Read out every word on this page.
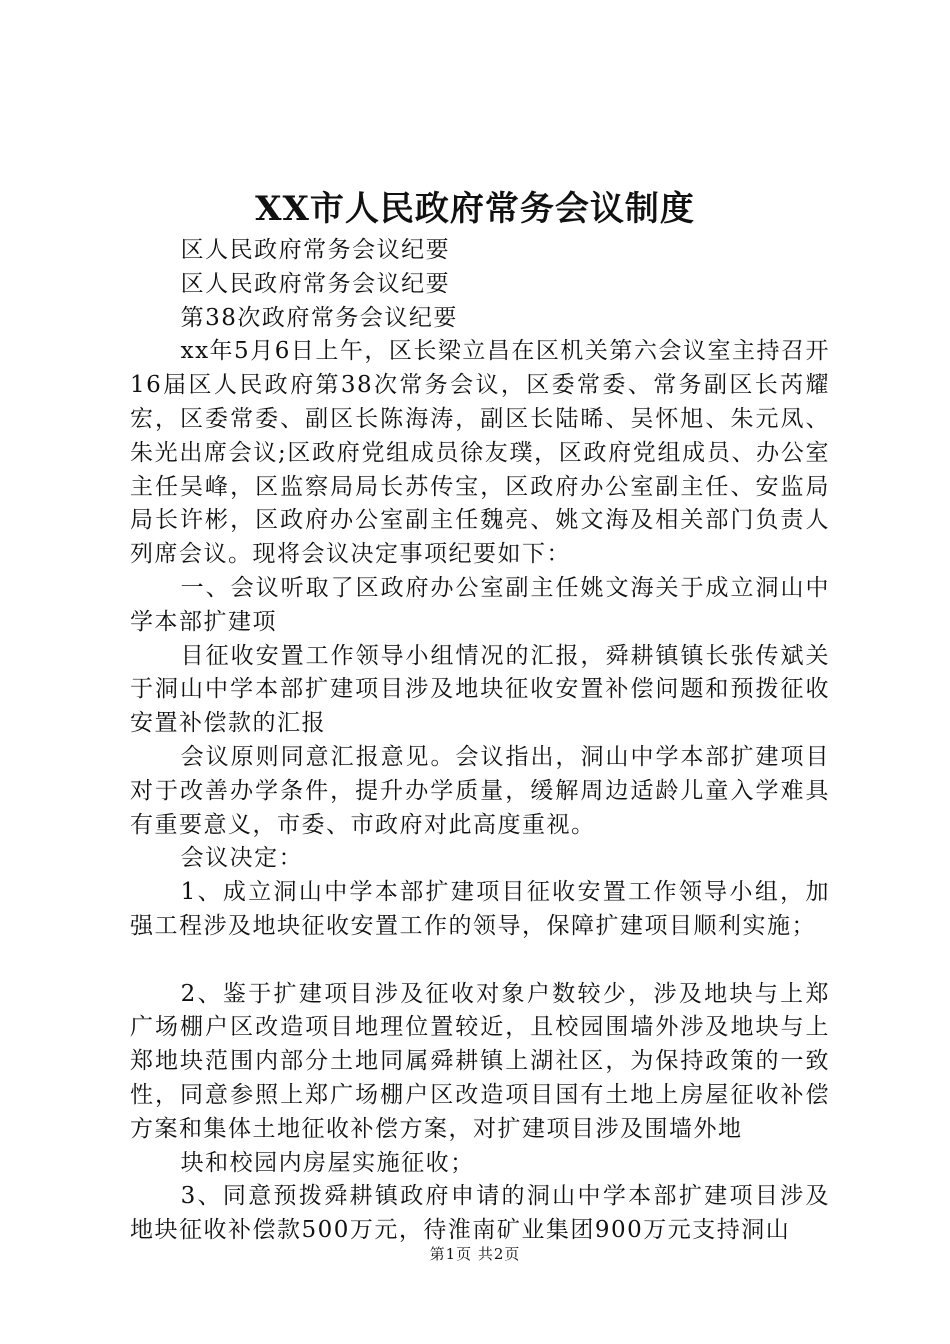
XX市人民政府常务会议制度

区人民政府常务会议纪要

区人民政府常务会议纪要

第38次政府常务会议纪要

xx年5月6日上午，区长梁立昌在区机关第六会议室主持召开16届区人民政府第38次常务会议，区委常委、常务副区长芮耀宏，区委常委、副区长陈海涛，副区长陆晞、吴怀旭、朱元凤、朱光出席会议;区政府党组成员徐友璞，区政府党组成员、办公室主任吴峰，区监察局局长苏传宝，区政府办公室副主任、安监局局长许彬，区政府办公室副主任魏亮、姚文海及相关部门负责人列席会议。现将会议决定事项纪要如下：

一、会议听取了区政府办公室副主任姚文海关于成立洞山中学本部扩建项

目征收安置工作领导小组情况的汇报，舜耕镇镇长张传斌关于洞山中学本部扩建项目涉及地块征收安置补偿问题和预拨征收安置补偿款的汇报

会议原则同意汇报意见。会议指出，洞山中学本部扩建项目对于改善办学条件，提升办学质量，缓解周边适龄儿童入学难具有重要意义，市委、市政府对此高度重视。

会议决定：

1、成立洞山中学本部扩建项目征收安置工作领导小组，加强工程涉及地块征收安置工作的领导，保障扩建项目顺利实施；

2、鉴于扩建项目涉及征收对象户数较少，涉及地块与上郑广场棚户区改造项目地理位置较近，且校园围墙外涉及地块与上郑地块范围内部分土地同属舜耕镇上湖社区，为保持政策的一致性，同意参照上郑广场棚户区改造项目国有土地上房屋征收补偿方案和集体土地征收补偿方案，对扩建项目涉及围墙外地

块和校园内房屋实施征收；

3、同意预拨舜耕镇政府申请的洞山中学本部扩建项目涉及地块征收补偿款500万元，待淮南矿业集团900万元支持洞山

第1页 共2页
